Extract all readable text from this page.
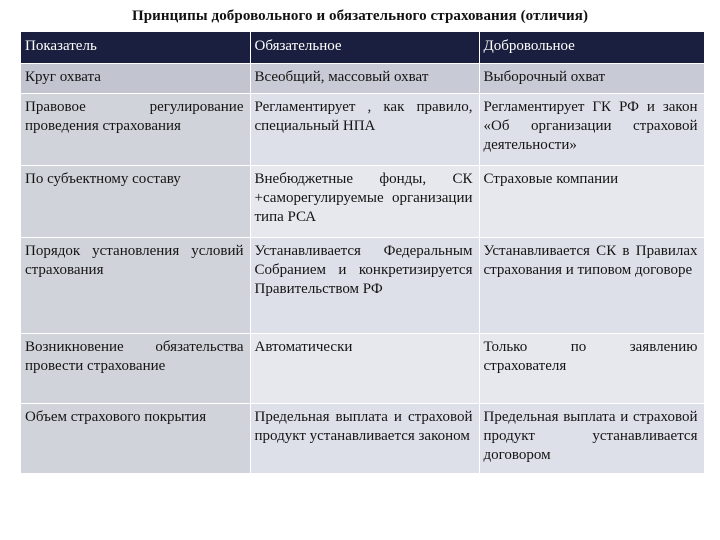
Принципы добровольного и обязательного страхования (отличия)
Показатель	Обязательное	Добровольное
Круг охвата	Всеобщий, массовый охват	Выборочный охват
Правовое регулирование проведения страхования	Регламентирует , как правило, специальный НПА	Регламентирует ГК РФ и закон «Об организации страховой деятельности»
По субъектному составу	Внебюджетные фонды, СК +саморегулируемые организации типа РСА	Страховые компании
Порядок установления условий страхования	Устанавливается Федеральным Собранием и конкретизируется Правительством РФ	Устанавливается СК в Правилах страхования и типовом договоре
Возникновение обязательства провести страхование	Автоматически	Только по заявлению страхователя
Объем страхового покрытия	Предельная выплата и страховой продукт устанавливается законом	Предельная выплата и страховой продукт устанавливается договором
